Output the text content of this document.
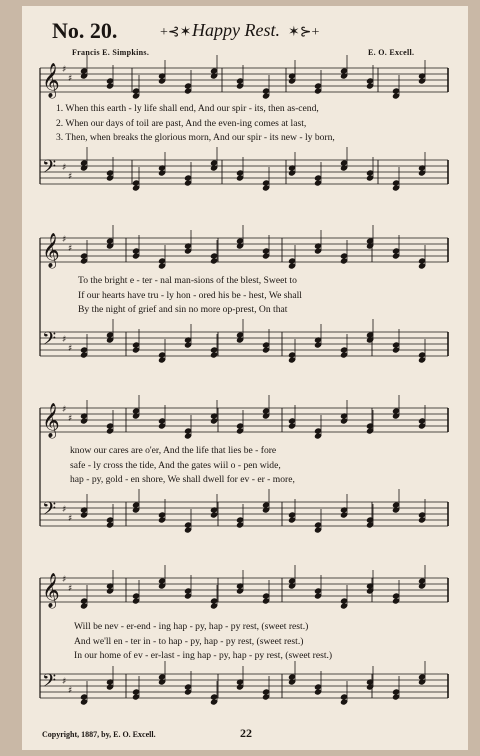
No. 20.	+⊰✶ Happy Rest. ✶⊱+
Francis E. Simpkins.	E. O. Excell.
𝄞 ♯
♯
𝄢 ♯
♯
𝄞 ♯
♯
𝄢 ♯
♯
𝄞 ♯
♯
𝄢 ♯
♯
𝄞 ♯
♯
𝄢 ♯
♯
1. When this earth - ly life shall end, And our spir - its, then as-cend,
2. When our days of toil are past, And the even-ing comes at last,
3. Then, when breaks the glorious morn, And our spir - its new - ly born,
To the bright e - ter - nal man-sions of the blest, Sweet to
If our hearts have tru - ly hon - ored his be - hest, We shall
By the night of grief and sin no more op-prest, On that
know our cares are o'er, And the life that lies be - fore
safe - ly cross the tide, And the gates wiil o - pen wide,
hap - py, gold - en shore, We shall dwell for ev - er - more,
Will be nev - er-end - ing hap - py, hap - py rest, (sweet rest.)
And we'll en - ter in - to hap - py, hap - py rest, (sweet rest.)
In our home of ev - er-last - ing hap - py, hap - py rest, (sweet rest.)
Copyright, 1887, by, E. O. Excell.	22
